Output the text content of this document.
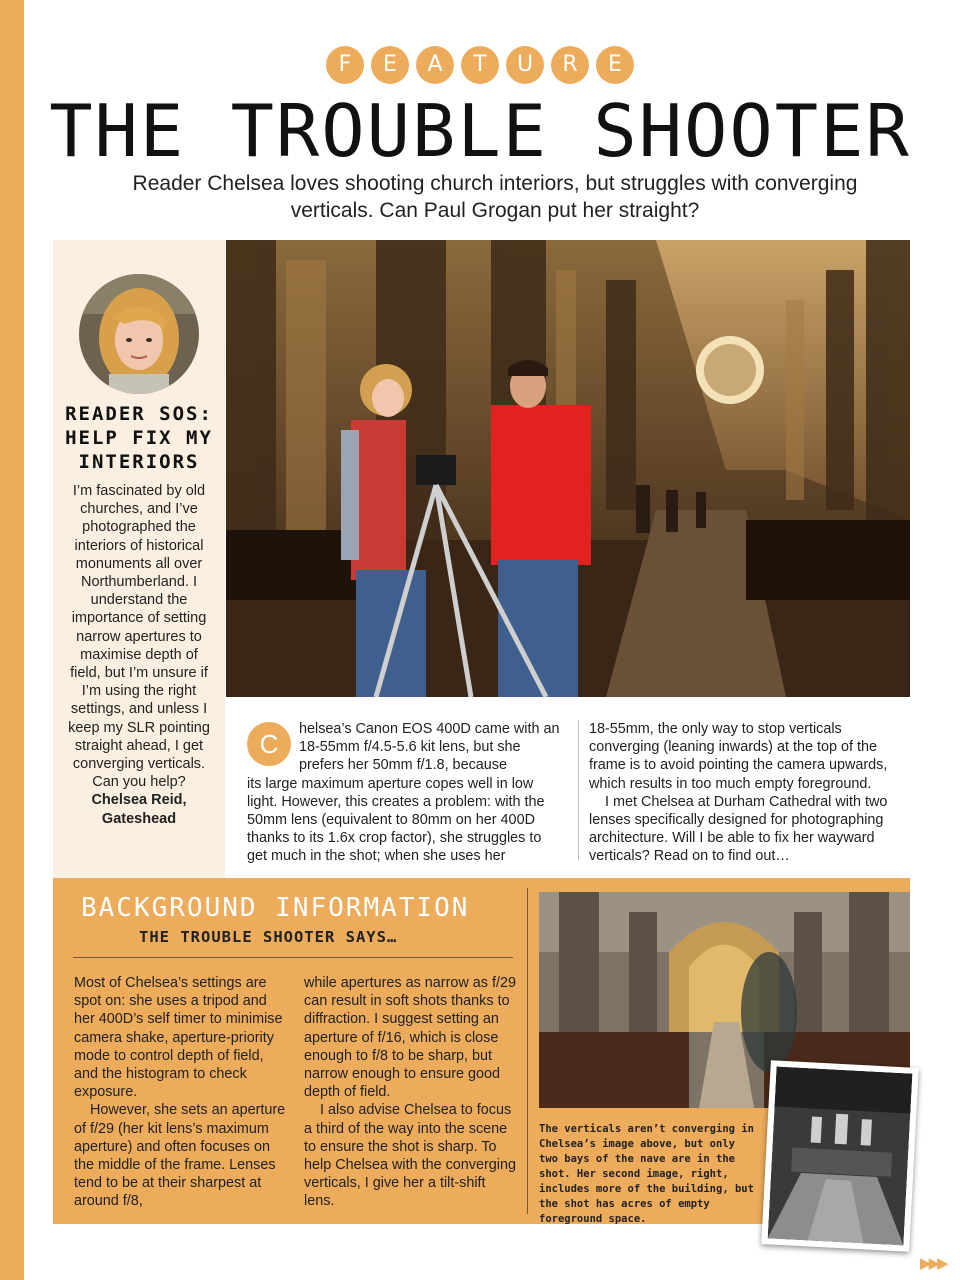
F	E	A	T	U	R	E
THE TROUBLE SHOOTER
Reader Chelsea loves shooting church interiors, but struggles with converging verticals. Can Paul Grogan put her straight?
READER SOS:
HELP FIX MY
INTERIORS
I’m fascinated by old churches, and I’ve photographed the interiors of historical monuments all over Northumberland. I understand the importance of setting narrow apertures to maximise depth of field, but I’m unsure if I’m using the right settings, and unless I keep my SLR pointing straight ahead, I get converging verticals. Can you help?
Chelsea Reid,
Gateshead
C	helsea’s Canon EOS 400D came with an 18-55mm f/4.5-5.6 kit lens, but she prefers her 50mm f/1.8, because
its large maximum aperture copes well in low light. However, this creates a problem: with the 50mm lens (equivalent to 80mm on her 400D thanks to its 1.6x crop factor), she struggles to get much in the shot; when she uses her

18-55mm, the only way to stop verticals converging (leaning inwards) at the top of the frame is to avoid pointing the camera upwards, which results in too much empty foreground.

I met Chelsea at Durham Cathedral with two lenses specifically designed for photographing architecture. Will I be able to fix her wayward verticals? Read on to find out…

BACKGROUND INFORMATION
THE TROUBLE SHOOTER SAYS…

Most of Chelsea’s settings are spot on: she uses a tripod and her 400D’s self timer to minimise camera shake, aperture-priority mode to control depth of field, and the histogram to check exposure.

However, she sets an aperture of f/29 (her kit lens’s maximum aperture) and often focuses on the middle of the frame. Lenses tend to be at their sharpest at around f/8,

while apertures as narrow as f/29 can result in soft shots thanks to diffraction. I suggest setting an aperture of f/16, which is close enough to f/8 to be sharp, but narrow enough to ensure good depth of field.

I also advise Chelsea to focus a third of the way into the scene to ensure the shot is sharp. To help Chelsea with the converging verticals, I give her a tilt-shift lens.

The verticals aren’t converging in Chelsea’s image above, but only two bays of the nave are in the shot. Her second image, right, includes more of the building, but the shot has acres of empty foreground space.
▶▶▶
